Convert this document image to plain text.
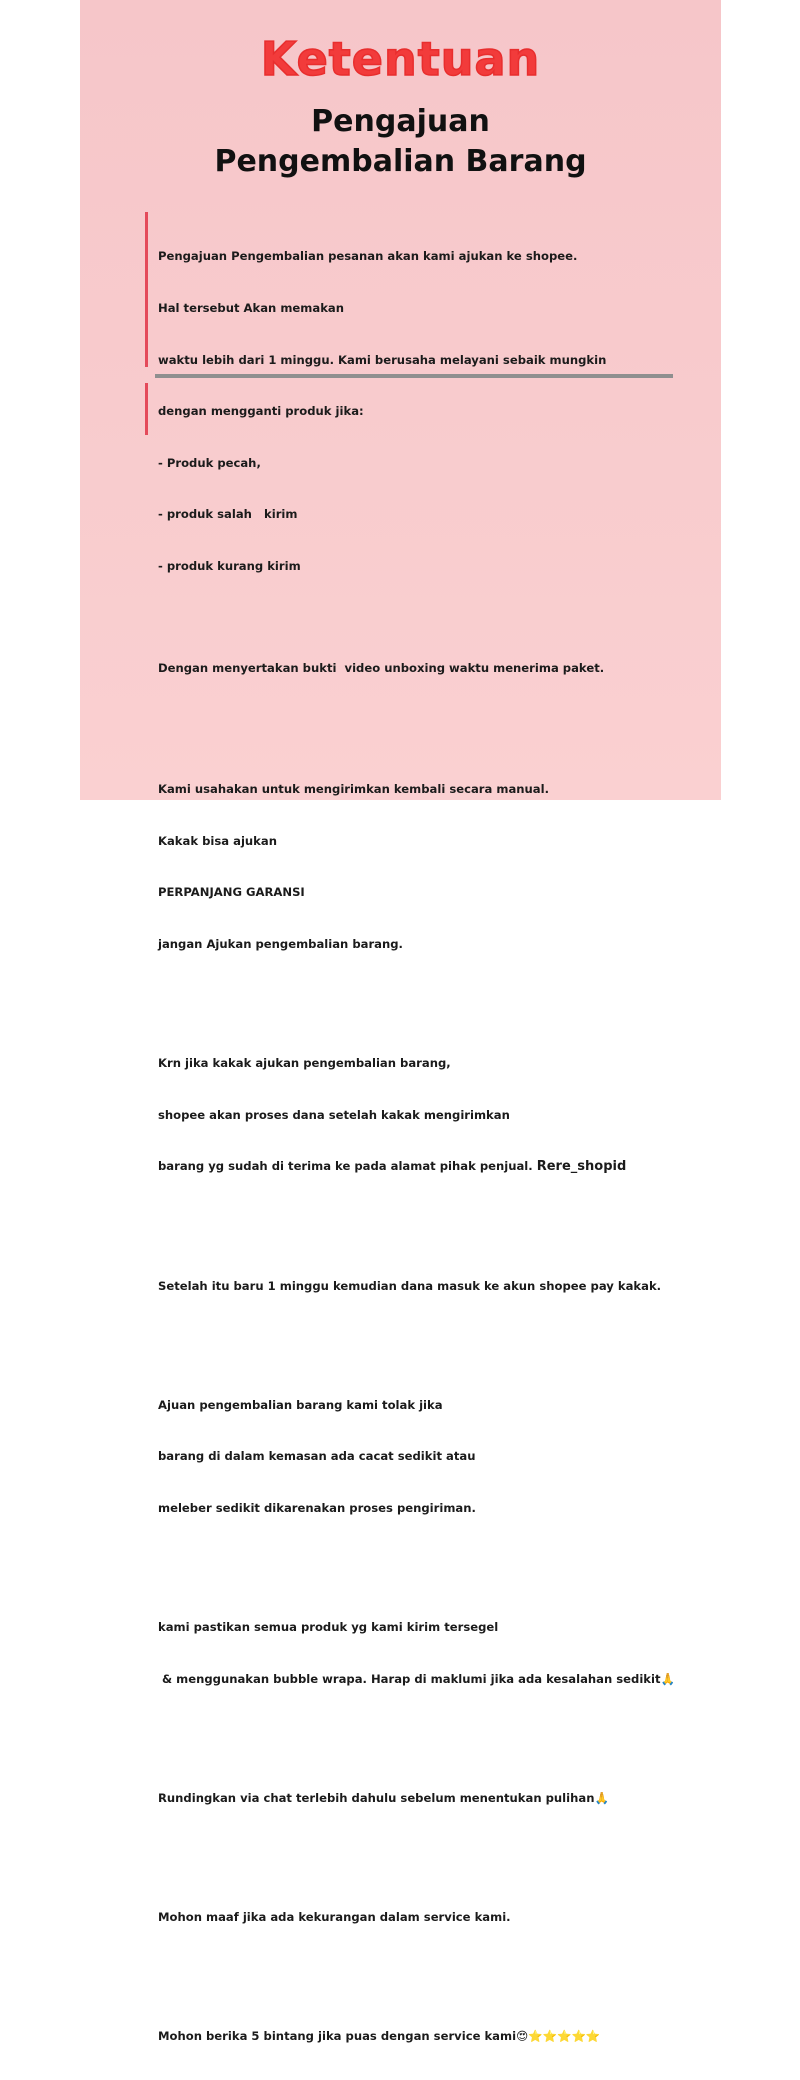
Ketentuan
Pengajuan
Pengembalian Barang

Pengajuan Pengembalian pesanan akan kami ajukan ke shopee.

Hal tersebut Akan memakan

waktu lebih dari 1 minggu. Kami berusaha melayani sebaik mungkin

dengan mengganti produk jika:

- Produk pecah,

- produk salah   kirim

- produk kurang kirim

Dengan menyertakan bukti  video unboxing waktu menerima paket.

Kami usahakan untuk mengirimkan kembali secara manual.

Kakak bisa ajukan

PERPANJANG GARANSI

jangan Ajukan pengembalian barang.

Krn jika kakak ajukan pengembalian barang,

shopee akan proses dana setelah kakak mengirimkan

barang yg sudah di terima ke pada alamat pihak penjual. Rere_shopid

Setelah itu baru 1 minggu kemudian dana masuk ke akun shopee pay kakak.

Ajuan pengembalian barang kami tolak jika

barang di dalam kemasan ada cacat sedikit atau

meleber sedikit dikarenakan proses pengiriman.

kami pastikan semua produk yg kami kirim tersegel

& menggunakan bubble wrapa. Harap di maklumi jika ada kesalahan sedikit🙏

Rundingkan via chat terlebih dahulu sebelum menentukan pulihan🙏

Mohon maaf jika ada kekurangan dalam service kami.

Mohon berika 5 bintang jika puas dengan service kami😍⭐⭐⭐⭐⭐
